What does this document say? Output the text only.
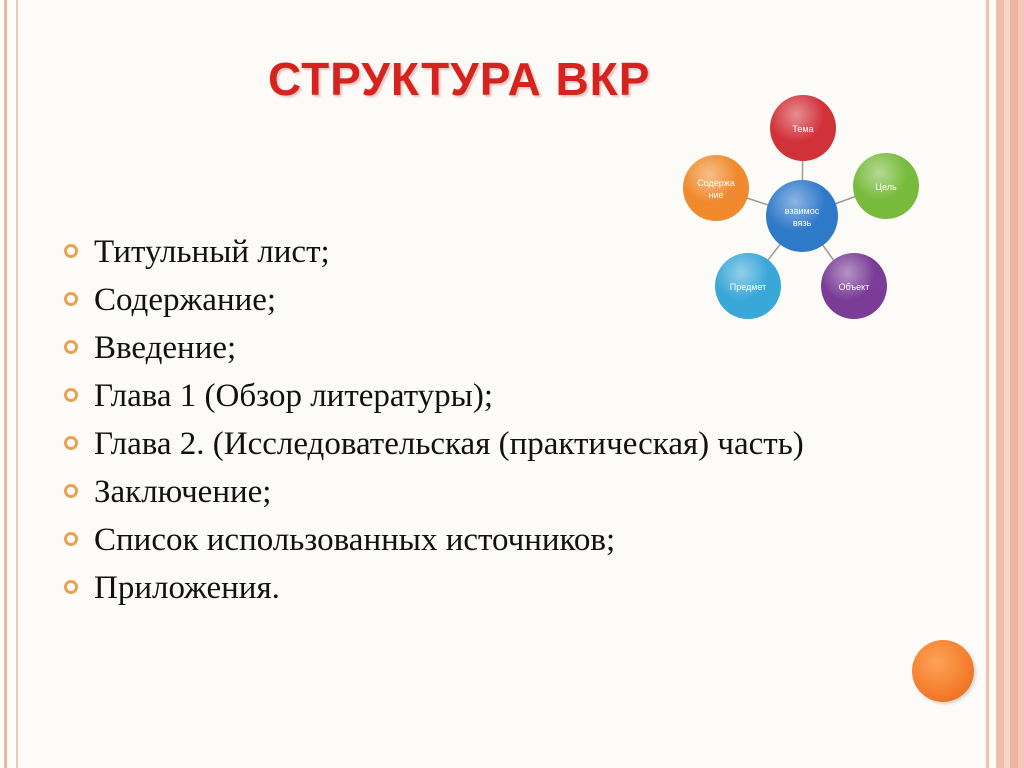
СТРУКТУРА ВКР
Титульный лист;
Содержание;
Введение;
Глава 1 (Обзор литературы);
Глава 2. (Исследовательская (практическая) часть)
Заключение;
Список использованных источников;
Приложения.
Тема
Цель
Объект
Предмет
Содержа
ние
взаимос
вязь
